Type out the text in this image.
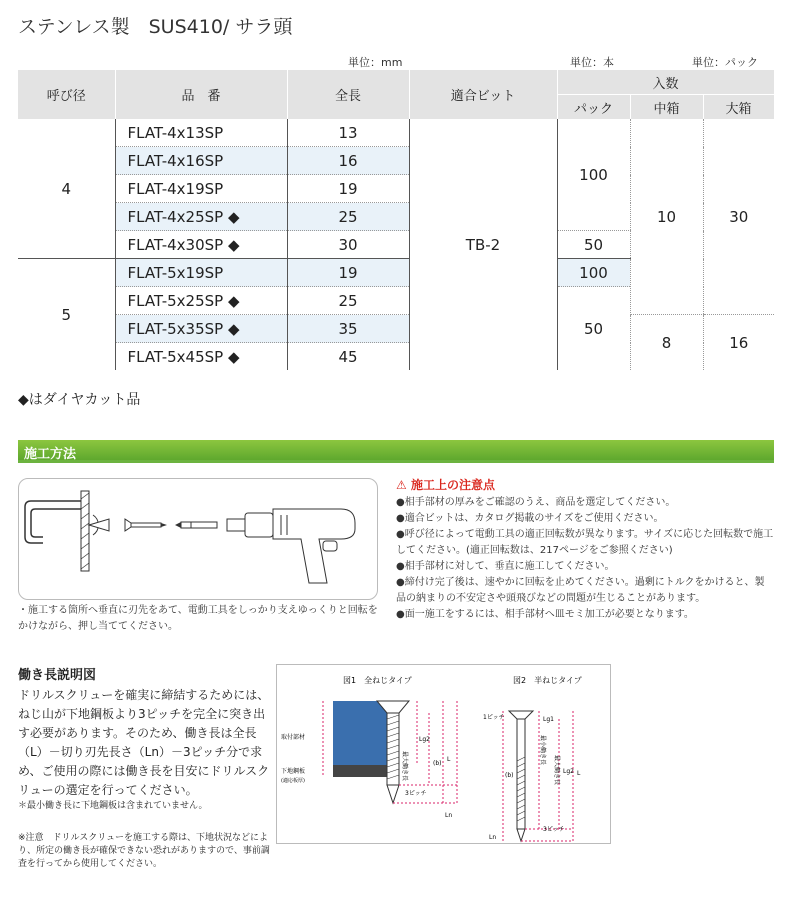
ステンレス製　SUS410/ サラ頭
単位：mm	単位：本	単位：パック
呼び径	品　番	全長	適合ビット	入数		
				パック	中箱	大箱
4	FLAT-4x13SP	13	TB-2	100	10	30
	FLAT-4x16SP	16				
	FLAT-4x19SP	19				
	FLAT-4x25SP ◆	25				
	FLAT-4x30SP ◆	30		50		
5	FLAT-5x19SP	19		100		
	FLAT-5x25SP ◆	25		50		
	FLAT-5x35SP ◆	35			8	16
	FLAT-5x45SP ◆	45				
◆はダイヤカット品
施工方法
・施工する箇所へ垂直に刃先をあて、電動工具をしっかり支えゆっくりと回転をかけながら、押し当ててください。
⚠ 施工上の注意点

●相手部材の厚みをご確認のうえ、商品を選定してください。

●適合ビットは、カタログ掲載のサイズをご使用ください。

●呼び径によって電動工具の適正回転数が異なります。サイズに応じた回転数で施工してください。(適正回転数は、217ページをご参照ください)

●相手部材に対して、垂直に施工してください。

●締付け完了後は、速やかに回転を止めてください。過剰にトルクをかけると、製品の納まりの不安定さや頭飛びなどの問題が生じることがあります。

●面一施工をするには、相手部材へ皿モミ加工が必要となります。

働き長説明図
ドリルスクリューを確実に締結するためには、ねじ山が下地鋼板より3ピッチを完全に突き出す必要があります。そのため、働き長は全長（L）－切り刃先長さ（Ln）－3ピッチ分で求め、ご使用の際には働き長を目安にドリルスクリューの選定を行ってください。
＊最小働き長に下地鋼板は含まれていません。
※注意　ドリルスクリューを施工する際は、下地状況などにより、所定の働き長が確保できない恐れがありますので、事前調査を行ってから使用してください。
図1　全ねじタイプ	図2　半ねじタイプ
取付部材
下地鋼板
(適応板厚)
Lg2
(b)
L
3ピッチ
Ln
最大働き長
1ピッチ	Lg1
(b)
Lg2 L
3ピッチ
Ln
最小働き長
最大働き長
